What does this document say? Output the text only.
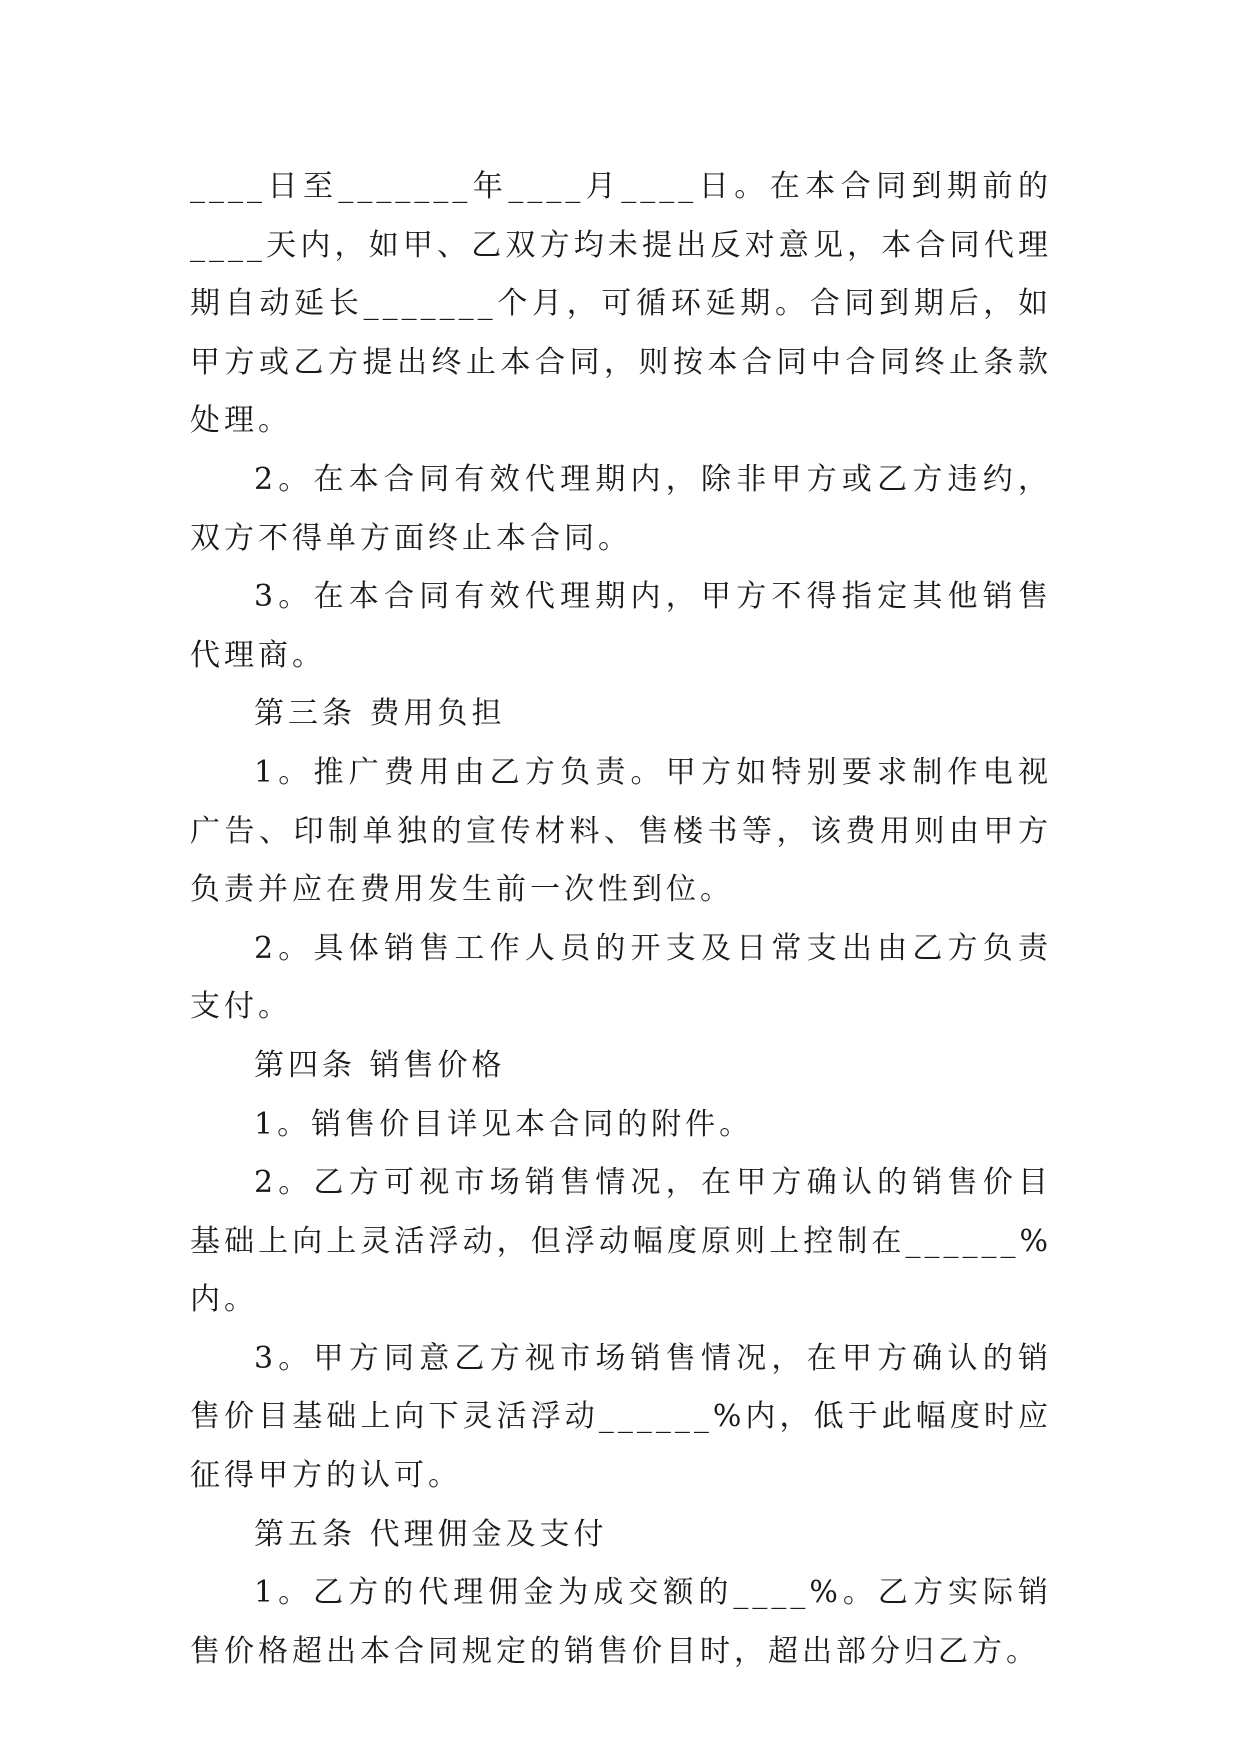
____日至_______年____月____日。在本合同到期前的____天内，如甲、乙双方均未提出反对意见，本合同代理期自动延长_______个月，可循环延期。合同到期后，如甲方或乙方提出终止本合同，则按本合同中合同终止条款处理。

2。在本合同有效代理期内，除非甲方或乙方违约，双方不得单方面终止本合同。

3。在本合同有效代理期内，甲方不得指定其他销售代理商。

第三条 费用负担

1。推广费用由乙方负责。甲方如特别要求制作电视广告、印制单独的宣传材料、售楼书等，该费用则由甲方负责并应在费用发生前一次性到位。

2。具体销售工作人员的开支及日常支出由乙方负责支付。

第四条 销售价格

1。销售价目详见本合同的附件。

2。乙方可视市场销售情况，在甲方确认的销售价目基础上向上灵活浮动，但浮动幅度原则上控制在______%内。

3。甲方同意乙方视市场销售情况，在甲方确认的销售价目基础上向下灵活浮动______%内，低于此幅度时应征得甲方的认可。

第五条 代理佣金及支付

1。乙方的代理佣金为成交额的____%。乙方实际销售价格超出本合同规定的销售价目时，超出部分归乙方。
